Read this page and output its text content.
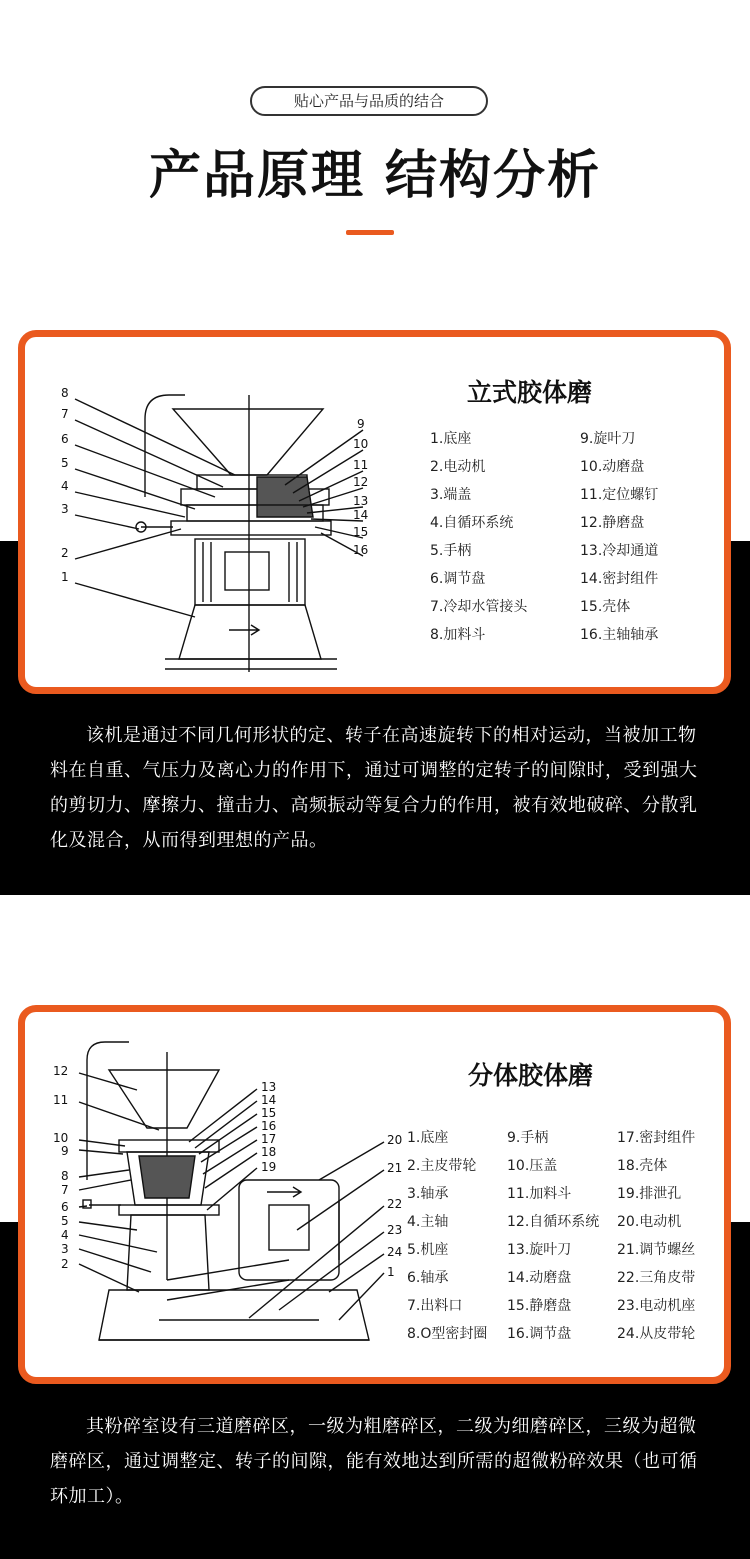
贴心产品与品质的结合
产品原理 结构分析
8
7
6
5
4
3
2
1
9
10
11
12
13
14
15
16
立式胶体磨
1.底座	9.旋叶刀
2.电动机	10.动磨盘
3.端盖	11.定位螺钉
4.自循环系统	12.静磨盘
5.手柄	13.冷却通道
6.调节盘	14.密封组件
7.冷却水管接头	15.壳体
8.加料斗	16.主轴轴承

该机是通过不同几何形状的定、转子在高速旋转下的相对运动，当被加工物料在自重、气压力及离心力的作用下，通过可调整的定转子的间隙时，受到强大的剪切力、摩擦力、撞击力、高频振动等复合力的作用，被有效地破碎、分散乳化及混合，从而得到理想的产品。

12
11
10
9
8
7
6
5
4
3
2
13
14
15
16
17
18
19
20
21
22
23
24
1
分体胶体磨
1.底座	9.手柄	17.密封组件
2.主皮带轮	10.压盖	18.壳体
3.轴承	11.加料斗	19.排泄孔
4.主轴	12.自循环系统	20.电动机
5.机座	13.旋叶刀	21.调节螺丝
6.轴承	14.动磨盘	22.三角皮带
7.出料口	15.静磨盘	23.电动机座
8.O型密封圈	16.调节盘	24.从皮带轮

其粉碎室设有三道磨碎区，一级为粗磨碎区，二级为细磨碎区，三级为超微磨碎区，通过调整定、转子的间隙，能有效地达到所需的超微粉碎效果（也可循环加工）。
